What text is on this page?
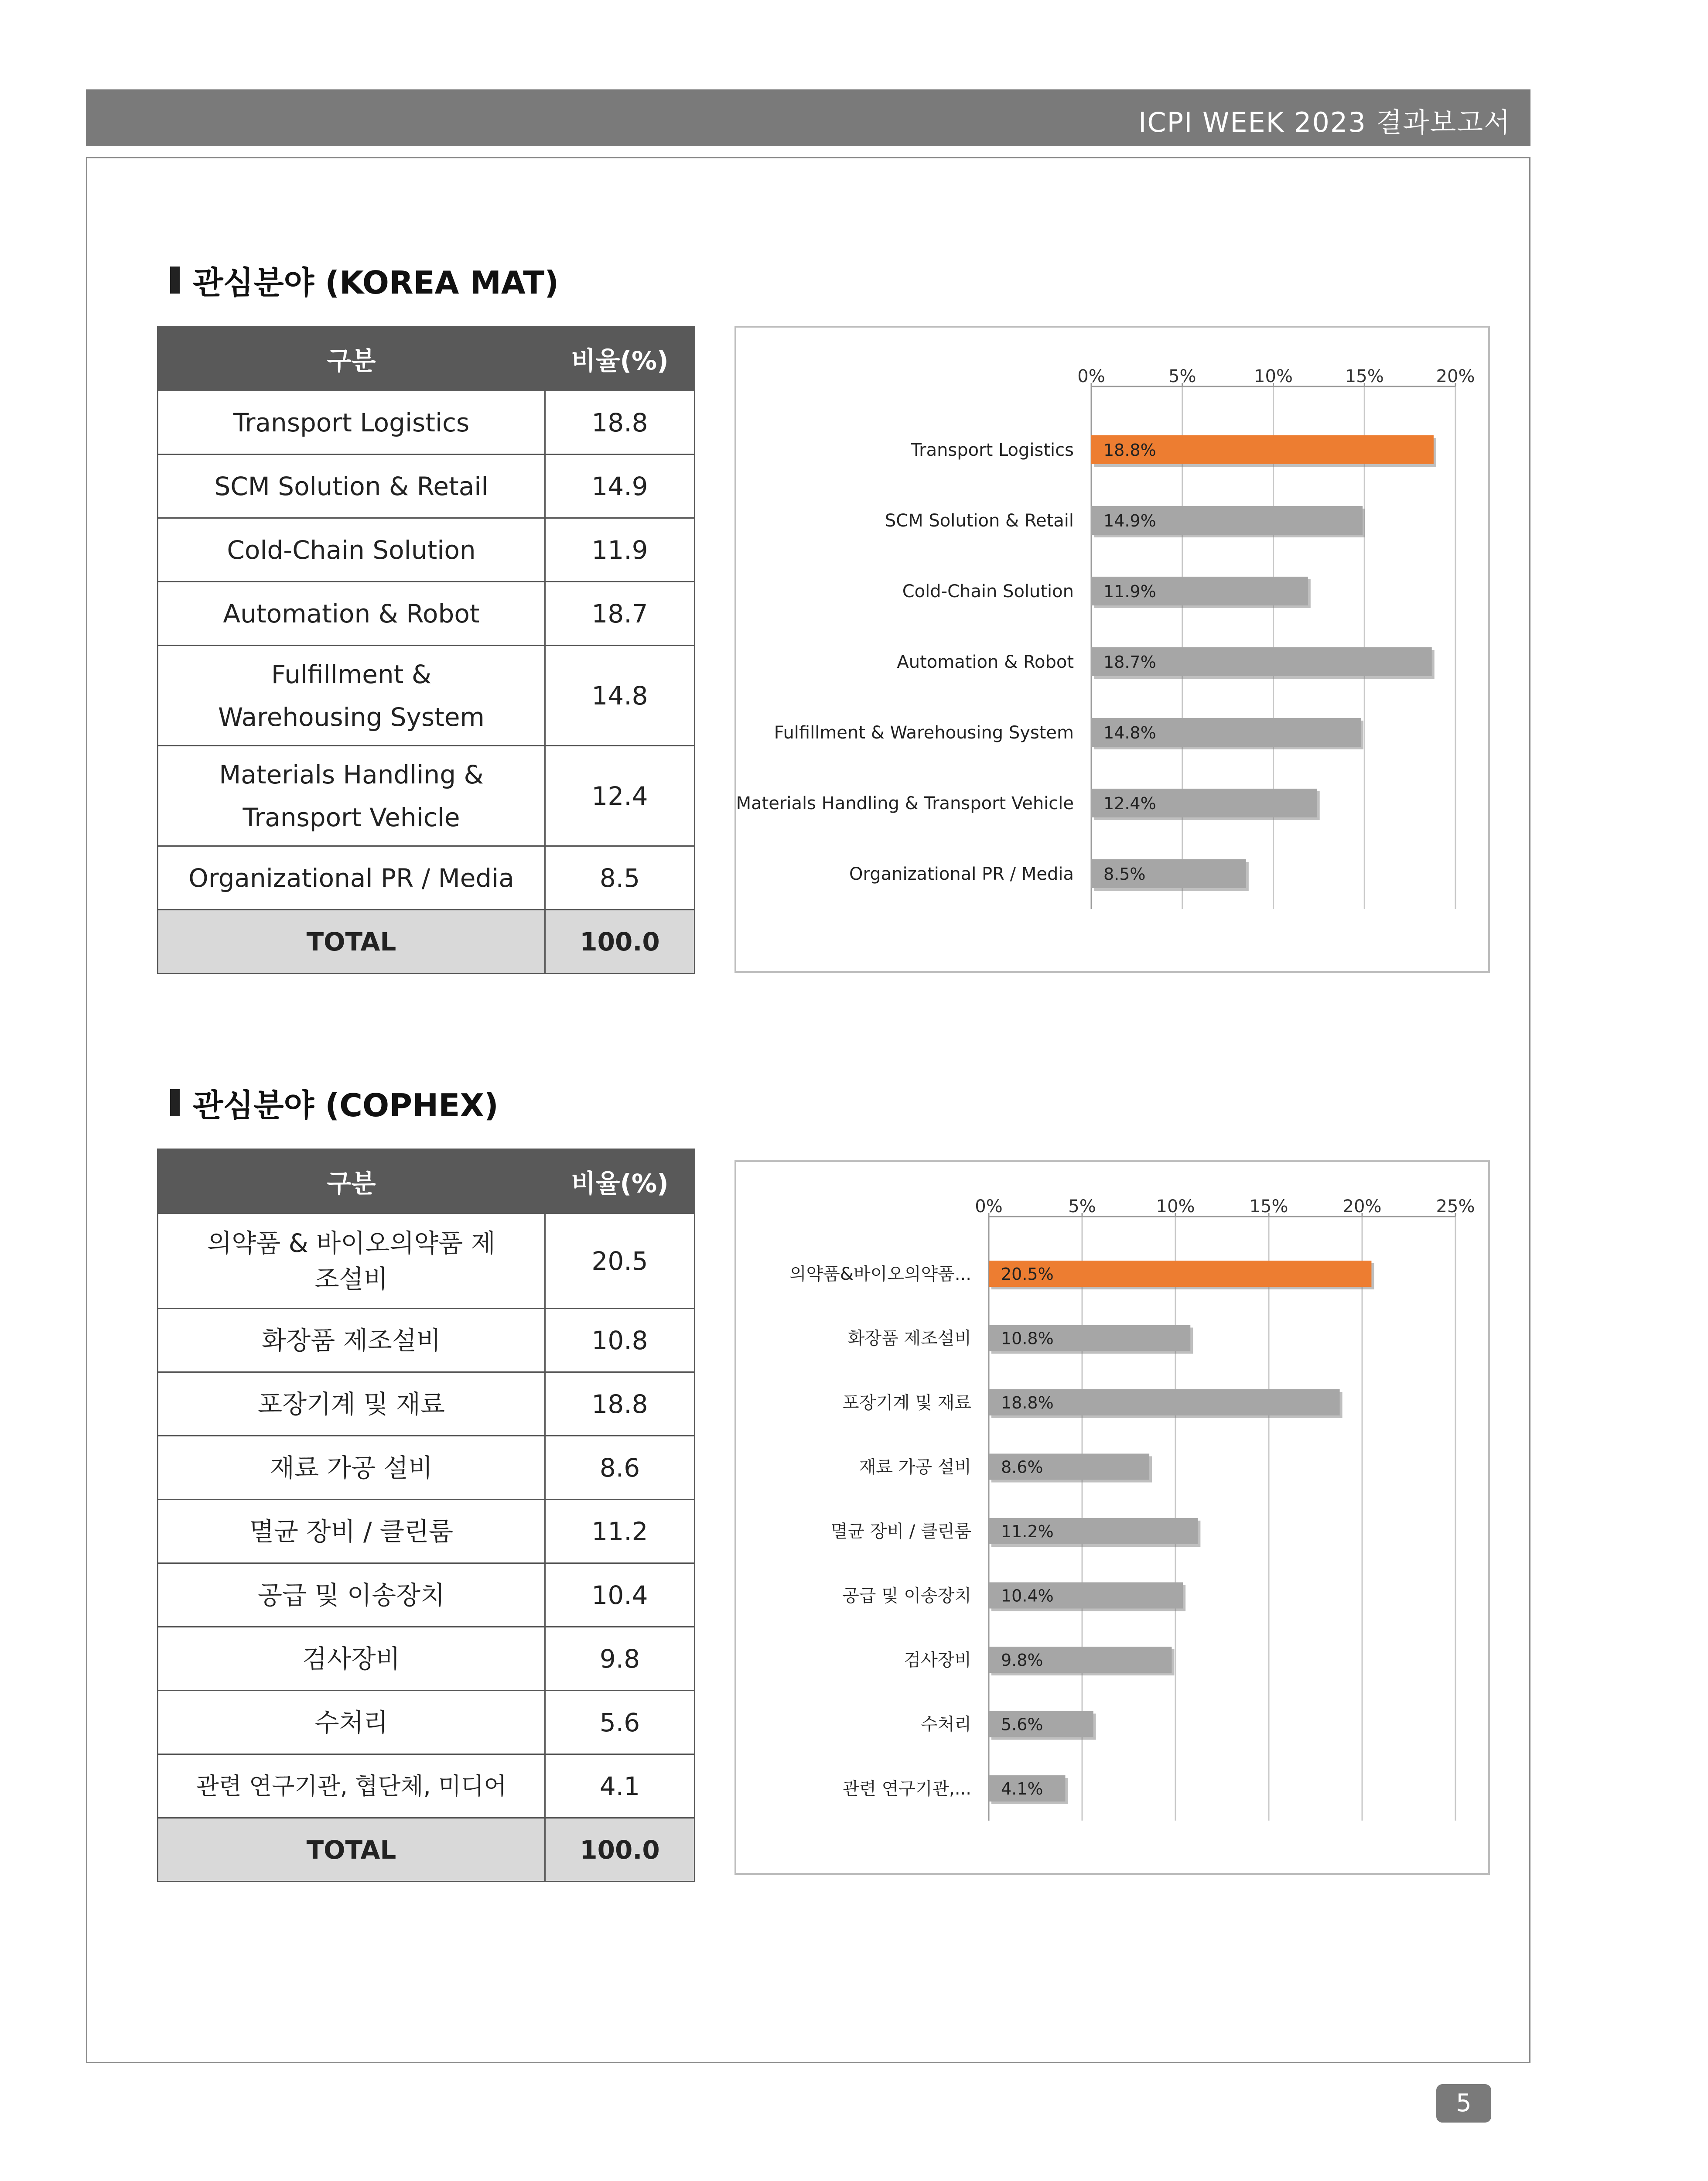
ICPI WEEK 2023 결과보고서
관심분야 (KOREA MAT)
구분	비율(%)
Transport Logistics	18.8
SCM Solution & Retail	14.9
Cold-Chain Solution	11.9
Automation & Robot	18.7
Fulfillment & Warehousing System	14.8
Materials Handling & Transport Vehicle	12.4
Organizational PR / Media	8.5
TOTAL	100.0
0%	5%	10%	15%	20%
18.8%
Transport Logistics
14.9%
SCM Solution & Retail
11.9%
Cold-Chain Solution
18.7%
Automation & Robot
14.8%
Fulfillment & Warehousing System
12.4%
Materials Handling & Transport Vehicle
8.5%
Organizational PR / Media
관심분야 (COPHEX)
구분	비율(%)
의약품 & 바이오의약품 제조설비	20.5
화장품 제조설비	10.8
포장기계 및 재료	18.8
재료 가공 설비	8.6
멸균 장비 / 클린룸	11.2
공급 및 이송장치	10.4
검사장비	9.8
수처리	5.6
관련 연구기관, 협단체, 미디어	4.1
TOTAL	100.0
0%	5%	10%	15%	20%	25%
20.5%
의약품&바이오의약품...
10.8%
화장품 제조설비
18.8%
포장기계 및 재료
8.6%
재료 가공 설비
11.2%
멸균 장비 / 클린룸
10.4%
공급 및 이송장치
9.8%
검사장비
5.6%
수처리
4.1%
관련 연구기관,...
5
